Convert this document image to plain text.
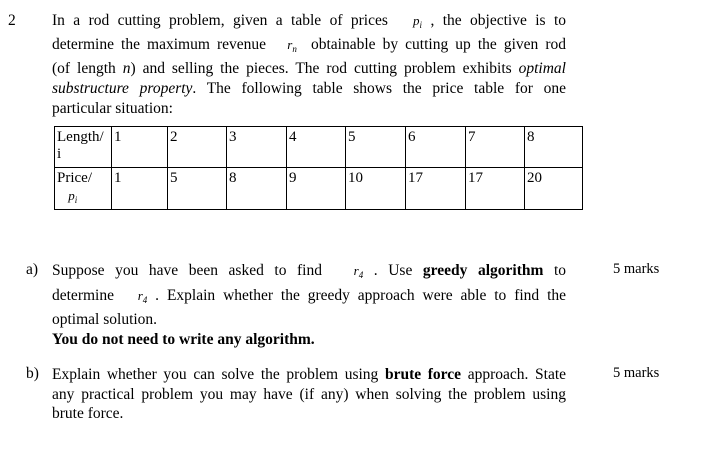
2 In a rod cutting problem, given a table of prices $p_i$ , the objective is to
determine the maximum revenue $r_n$ obtainable by cutting up the given rod
(of length n) and selling the pieces. The rod cutting problem exhibits optimal
substructure property. The following table shows the price table for one
particular situation:
Length/
i	1	2	3	4	5	6	7	8
Price/
$p_i$	1	5	8	9	10	17	17	20
a) Suppose you have been asked to find $r_4$ . Use greedy algorithm to
determine $r_4$ . Explain whether the greedy approach were able to find the
optimal solution.
You do not need to write any algorithm.
5 marks
b) Explain whether you can solve the problem using brute force approach. State
any practical problem you may have (if any) when solving the problem using
brute force.
5 marks
